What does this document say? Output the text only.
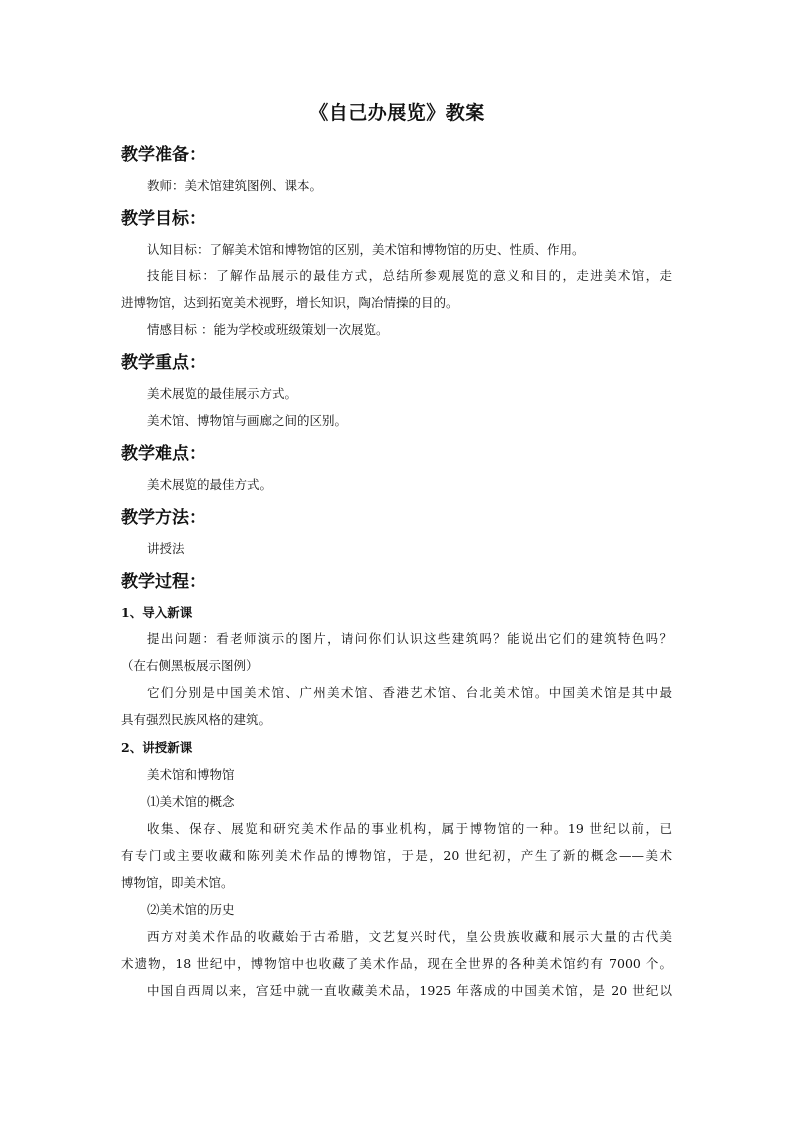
《自己办展览》教案
教学准备：
教师：美术馆建筑图例、课本。
教学目标：
认知目标：了解美术馆和博物馆的区别，美术馆和博物馆的历史、性质、作用。
技能目标：了解作品展示的最佳方式，总结所参观展览的意义和目的，走进美术馆，走
进博物馆，达到拓宽美术视野，增长知识，陶冶情操的目的。
情感目标 ：能为学校或班级策划一次展览。
教学重点：
美术展览的最佳展示方式。
美术馆、博物馆与画廊之间的区别。
教学难点：
美术展览的最佳方式。
教学方法：
讲授法
教学过程：
1、导入新课
提出问题：看老师演示的图片，请问你们认识这些建筑吗？能说出它们的建筑特色吗？
（在右侧黑板展示图例）
它们分别是中国美术馆、广州美术馆、香港艺术馆、台北美术馆。中国美术馆是其中最
具有强烈民族风格的建筑。
2、讲授新课
美术馆和博物馆
⑴美术馆的概念
收集、保存、展览和研究美术作品的事业机构，属于博物馆的一种。19 世纪以前，已
有专门或主要收藏和陈列美术作品的博物馆，于是，20 世纪初，产生了新的概念——美术
博物馆，即美术馆。
⑵美术馆的历史
西方对美术作品的收藏始于古希腊，文艺复兴时代，皇公贵族收藏和展示大量的古代美
术遗物，18 世纪中，博物馆中也收藏了美术作品，现在全世界的各种美术馆约有 7000 个。
中国自西周以来，宫廷中就一直收藏美术品，1925 年落成的中国美术馆，是 20 世纪以
